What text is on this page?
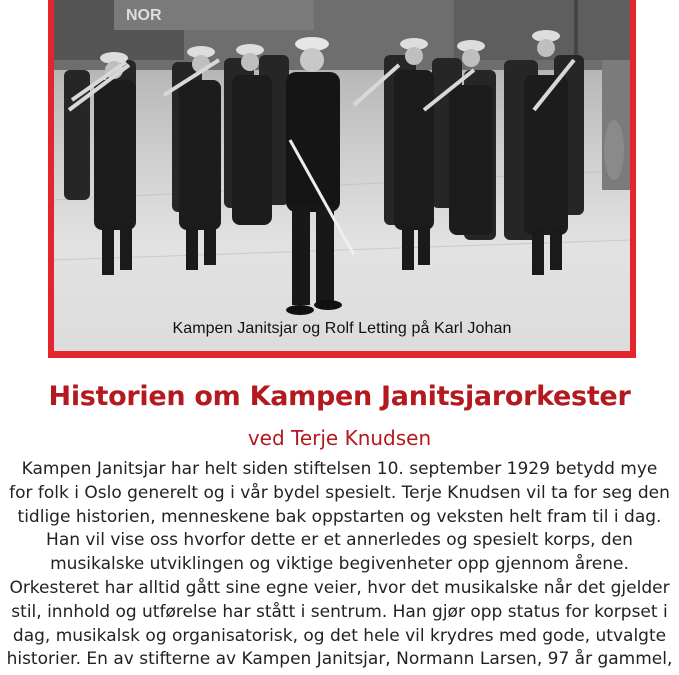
NOR
Kampen Janitsjar og Rolf Letting på Karl Johan
Historien om Kampen Janitsjarorkester
ved Terje Knudsen

Kampen Janitsjar har helt siden stiftelsen 10. september 1929 betydd mye
for folk i Oslo generelt og i vår bydel spesielt. Terje Knudsen vil ta for seg den
tidlige historien, menneskene bak oppstarten og veksten helt fram til i dag.
Han vil vise oss hvorfor dette er et annerledes og spesielt korps, den
musikalske utviklingen og viktige begivenheter opp gjennom årene.
Orkesteret har alltid gått sine egne veier, hvor det musikalske når det gjelder
stil, innhold og utførelse har stått i sentrum. Han gjør opp status for korpset i
dag, musikalsk og organisatorisk, og det hele vil krydres med gode, utvalgte
historier. En av stifterne av Kampen Janitsjar, Normann Larsen, 97 år gammel,
